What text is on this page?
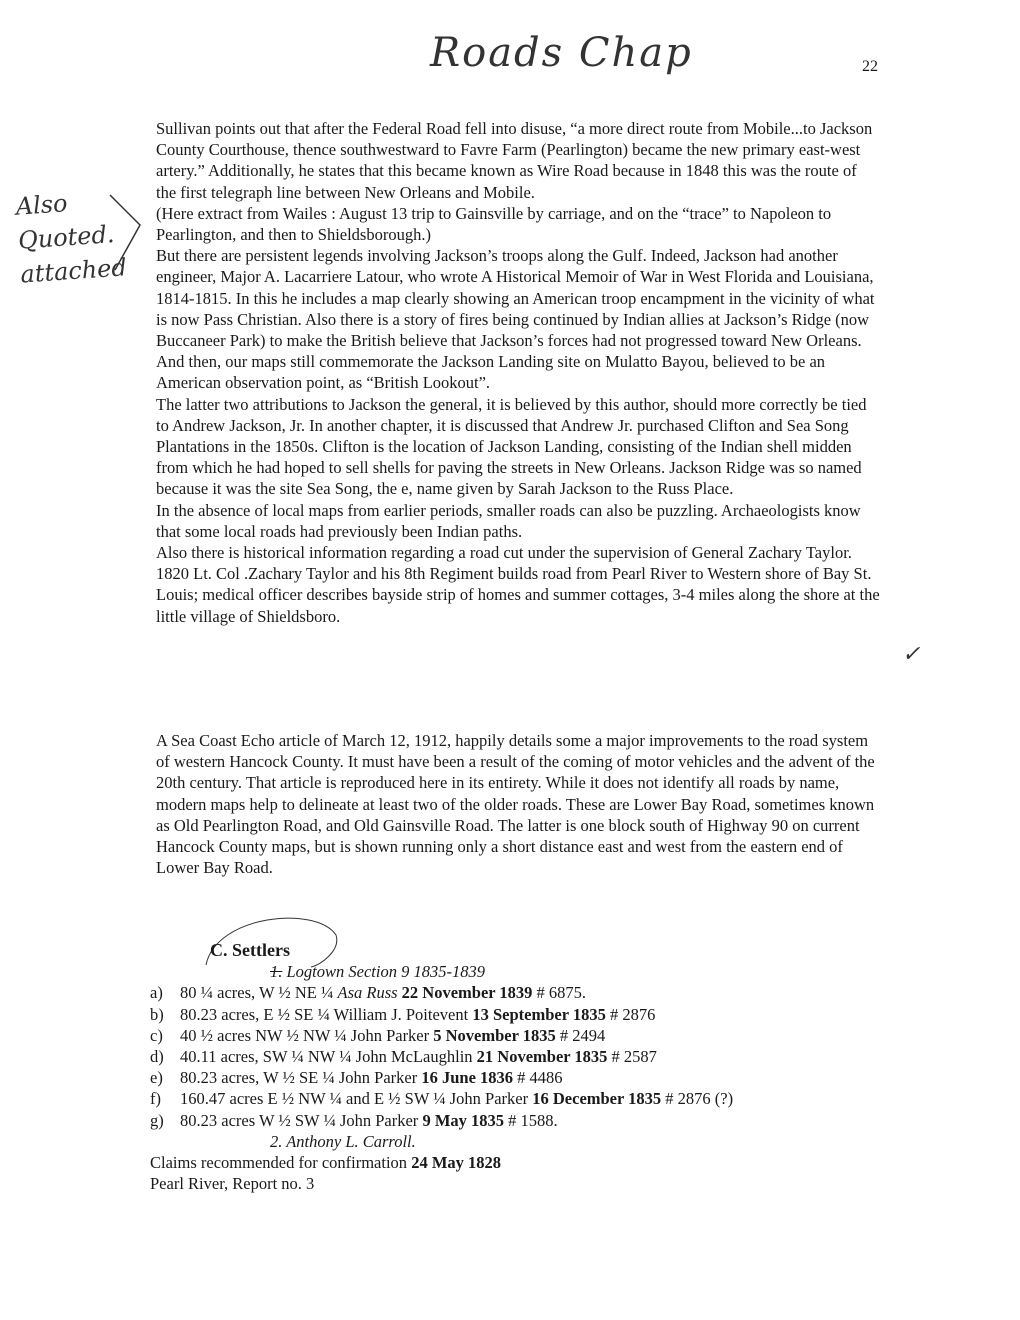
Roads Chap	22
Also
Quoted.
attached
✓

Sullivan points out that after the Federal Road fell into disuse, “a more direct route from Mobile...to Jackson County Courthouse, thence southwestward to Favre Farm (Pearlington) became the new primary east-west artery.” Additionally, he states that this became known as Wire Road because in 1848 this was the route of the first telegraph line between New Orleans and Mobile.

(Here extract from Wailes : August 13 trip to Gainsville by carriage, and on the “trace” to Napoleon to Pearlington, and then to Shieldsborough.)

But there are persistent legends involving Jackson’s troops along the Gulf. Indeed, Jackson had another engineer, Major A. Lacarriere Latour, who wrote A Historical Memoir of War in West Florida and Louisiana, 1814-1815. In this he includes a map clearly showing an American troop encampment in the vicinity of what is now Pass Christian. Also there is a story of fires being continued by Indian allies at Jackson’s Ridge (now Buccaneer Park) to make the British believe that Jackson’s forces had not progressed toward New Orleans. And then, our maps still commemorate the Jackson Landing site on Mulatto Bayou, believed to be an American observation point, as “British Lookout”.

The latter two attributions to Jackson the general, it is believed by this author, should more correctly be tied to Andrew Jackson, Jr. In another chapter, it is discussed that Andrew Jr. purchased Clifton and Sea Song Plantations in the 1850s. Clifton is the location of Jackson Landing, consisting of the Indian shell midden from which he had hoped to sell shells for paving the streets in New Orleans. Jackson Ridge was so named because it was the site Sea Song, the e, name given by Sarah Jackson to the Russ Place.

In the absence of local maps from earlier periods, smaller roads can also be puzzling. Archaeologists know that some local roads had previously been Indian paths.

Also there is historical information regarding a road cut under the supervision of General Zachary Taylor.

1820 Lt. Col .Zachary Taylor and his 8th Regiment builds road from Pearl River to Western shore of Bay St. Louis; medical officer describes bayside strip of homes and summer cottages, 3-4 miles along the shore at the little village of Shieldsboro.

A Sea Coast Echo article of March 12, 1912, happily details some a major improvements to the road system of western Hancock County. It must have been a result of the coming of motor vehicles and the advent of the 20th century. That article is reproduced here in its entirety. While it does not identify all roads by name, modern maps help to delineate at least two of the older roads. These are Lower Bay Road, sometimes known as Old Pearlington Road, and Old Gainsville Road. The latter is one block south of Highway 90 on current Hancock County maps, but is shown running only a short distance east and west from the eastern end of Lower Bay Road.

C. Settlers
1. Logtown Section 9 1835-1839
a)	80 ¼ acres, W ½ NE ¼ Asa Russ 22 November 1839 # 6875.
b) 80.23 acres, E ½ SE ¼ William J. Poitevent 13 September 1835 # 2876
c)	40 ½ acres NW ½ NW ¼ John Parker 5 November 1835 # 2494
d) 40.11 acres, SW ¼ NW ¼ John McLaughlin 21 November 1835 # 2587
e)	80.23 acres, W ½ SE ¼ John Parker 16 June 1836 # 4486
f)	160.47 acres E ½ NW ¼ and E ½ SW ¼ John Parker 16 December 1835 # 2876 (?)
g) 80.23 acres W ½ SW ¼ John Parker 9 May 1835 # 1588.
2. Anthony L. Carroll.
Claims recommended for confirmation 24 May 1828
Pearl River, Report no. 3
